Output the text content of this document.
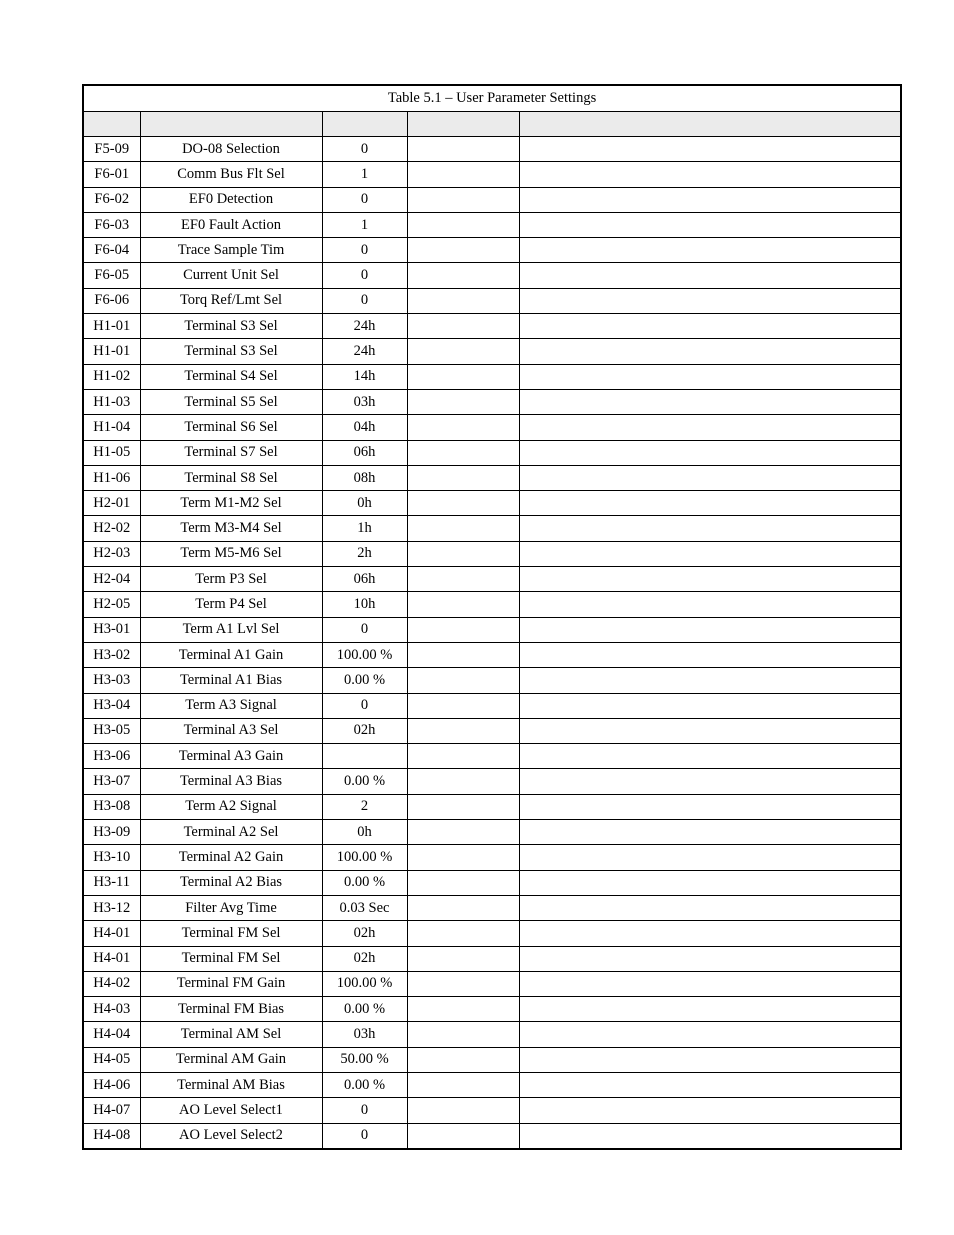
Table 5.1 – User Parameter Settings				

F5-09	DO-08 Selection	0		
F6-01	Comm Bus Flt Sel	1		
F6-02	EF0 Detection	0		
F6-03	EF0 Fault Action	1		
F6-04	Trace Sample Tim	0		
F6-05	Current Unit Sel	0		
F6-06	Torq Ref/Lmt Sel	0		
H1-01	Terminal S3 Sel	24h		
H1-01	Terminal S3 Sel	24h		
H1-02	Terminal S4 Sel	14h		
H1-03	Terminal S5 Sel	03h		
H1-04	Terminal S6 Sel	04h		
H1-05	Terminal S7 Sel	06h		
H1-06	Terminal S8 Sel	08h		
H2-01	Term M1-M2 Sel	0h		
H2-02	Term M3-M4 Sel	1h		
H2-03	Term M5-M6 Sel	2h		
H2-04	Term P3 Sel	06h		
H2-05	Term P4 Sel	10h		
H3-01	Term A1 Lvl Sel	0		
H3-02	Terminal A1 Gain	100.00 %		
H3-03	Terminal A1 Bias	0.00 %		
H3-04	Term A3 Signal	0		
H3-05	Terminal A3 Sel	02h		
H3-06	Terminal A3 Gain			
H3-07	Terminal A3 Bias	0.00 %		
H3-08	Term A2 Signal	2		
H3-09	Terminal A2 Sel	0h		
H3-10	Terminal A2 Gain	100.00 %		
H3-11	Terminal A2 Bias	0.00 %		
H3-12	Filter Avg Time	0.03 Sec		
H4-01	Terminal FM Sel	02h		
H4-01	Terminal FM Sel	02h		
H4-02	Terminal FM Gain	100.00 %		
H4-03	Terminal FM Bias	0.00 %		
H4-04	Terminal AM Sel	03h		
H4-05	Terminal AM Gain	50.00 %		
H4-06	Terminal AM Bias	0.00 %		
H4-07	AO Level Select1	0		
H4-08	AO Level Select2	0		
